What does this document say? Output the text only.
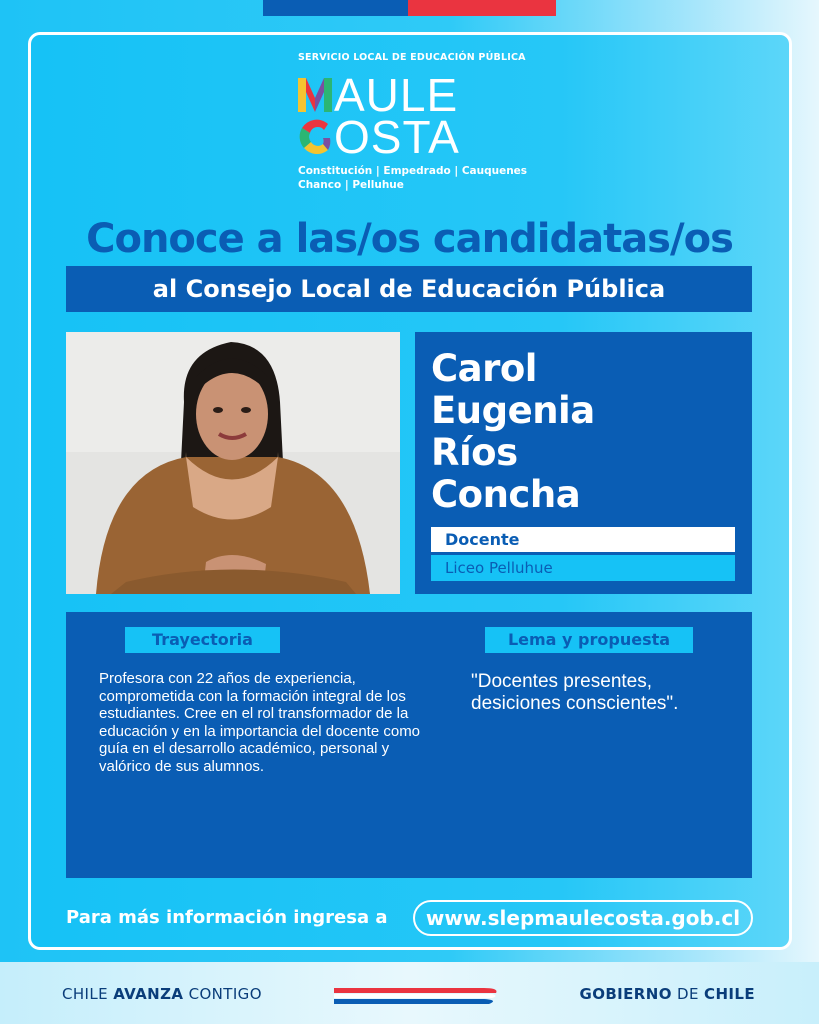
SERVICIO LOCAL DE EDUCACIÓN PÚBLICA
AULE
OSTA
Constitución | Empedrado | Cauquenes
Chanco | Pelluhue
Conoce a las/os candidatas/os
al Consejo Local de Educación Pública
Carol
Eugenia
Ríos
Concha
Docente
Liceo Pelluhue
Trayectoria	Lema y propuesta
Profesora con 22 años de experiencia, comprometida con la formación integral de los estudiantes. Cree en el rol transformador de la educación y en la importancia del docente como guía en el desarrollo académico, personal y valórico de sus alumnos.
"Docentes presentes, desiciones conscientes".
Para más información ingresa a	www.slepmaulecosta.gob.cl
CHILE AVANZA CONTIGO	GOBIERNO DE CHILE
